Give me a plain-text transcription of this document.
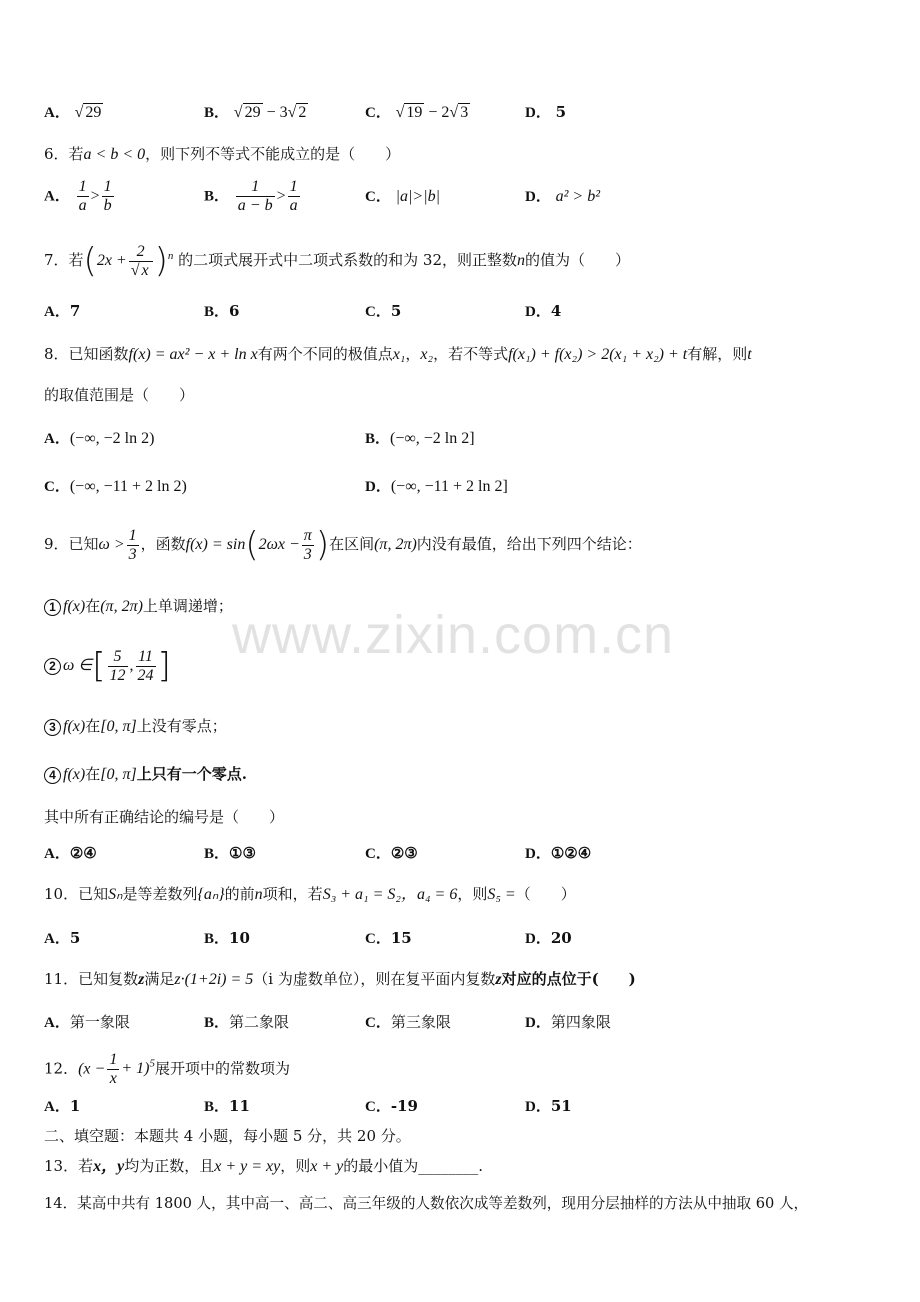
www.zixin.com.cn
A． √ 29	B． √ 29 − 3√ 2	C． √ 19 − 2√ 3	D． 5
6．若a < b < 0，则下列不等式不能成立的是（　　）
A． $\frac{1}{a} > \frac{1}{b}$	B． $\frac{1}{a - b} > \frac{1}{a}$	C． |a|>|b|	D． a² > b²
7．若$(2x + \frac{2}{√ x} )^n$ 的二项式展开式中二项式系数的和为 32，则正整数n的值为（　　）
A．7	B．6	C．5	D．4
8．已知函数f(x) = ax² − x + ln x有两个不同的极值点x₁，x₂，若不等式f(x₁) + f(x₂) > 2(x₁ + x₂) + t有解，则t
的取值范围是（　　）
A．(−∞, −2 ln 2)	B．(−∞, −2 ln 2]
C．(−∞, −11 + 2 ln 2)	D．(−∞, −11 + 2 ln 2]
9．已知$\omega > \frac{1}{3}$ ，函数$f(x) = \sin(2\omega x - \frac{\pi}{3}$ )在区间(π, 2π)内没有最值，给出下列四个结论：
1 f(x)在(π, 2π)上单调递增；
2 ω ∈[ $\frac{5}{12}$ , $\frac{11}{24}$ ]
3 f(x)在[0, π]上没有零点；
4 f(x)在[0, π]上只有一个零点.
其中所有正确结论的编号是（　　）
A．②④	B．①③	C．②③	D．①②④
10．已知Sₙ是等差数列{aₙ}的前n项和，若S₃ + a₁ = S₂，a₄ = 6，则S₅ =（　　）
A．5	B．10	C．15	D．20
11．已知复数z满足z·(1+2i) = 5（i 为虚数单位），则在复平面内复数z对应的点位于(　　)
A．第一象限	B．第二象限	C．第三象限	D．第四象限
12．$(x - \frac{1}{x} + 1)^5$展开项中的常数项为
A．1	B．11	C．-19	D．51
二、填空题：本题共 4 小题，每小题 5 分，共 20 分。
13．若x，y均为正数，且x + y = xy，则x + y的最小值为________.
14．某高中共有 1800 人，其中高一、高二、高三年级的人数依次成等差数列，现用分层抽样的方法从中抽取 60 人，
